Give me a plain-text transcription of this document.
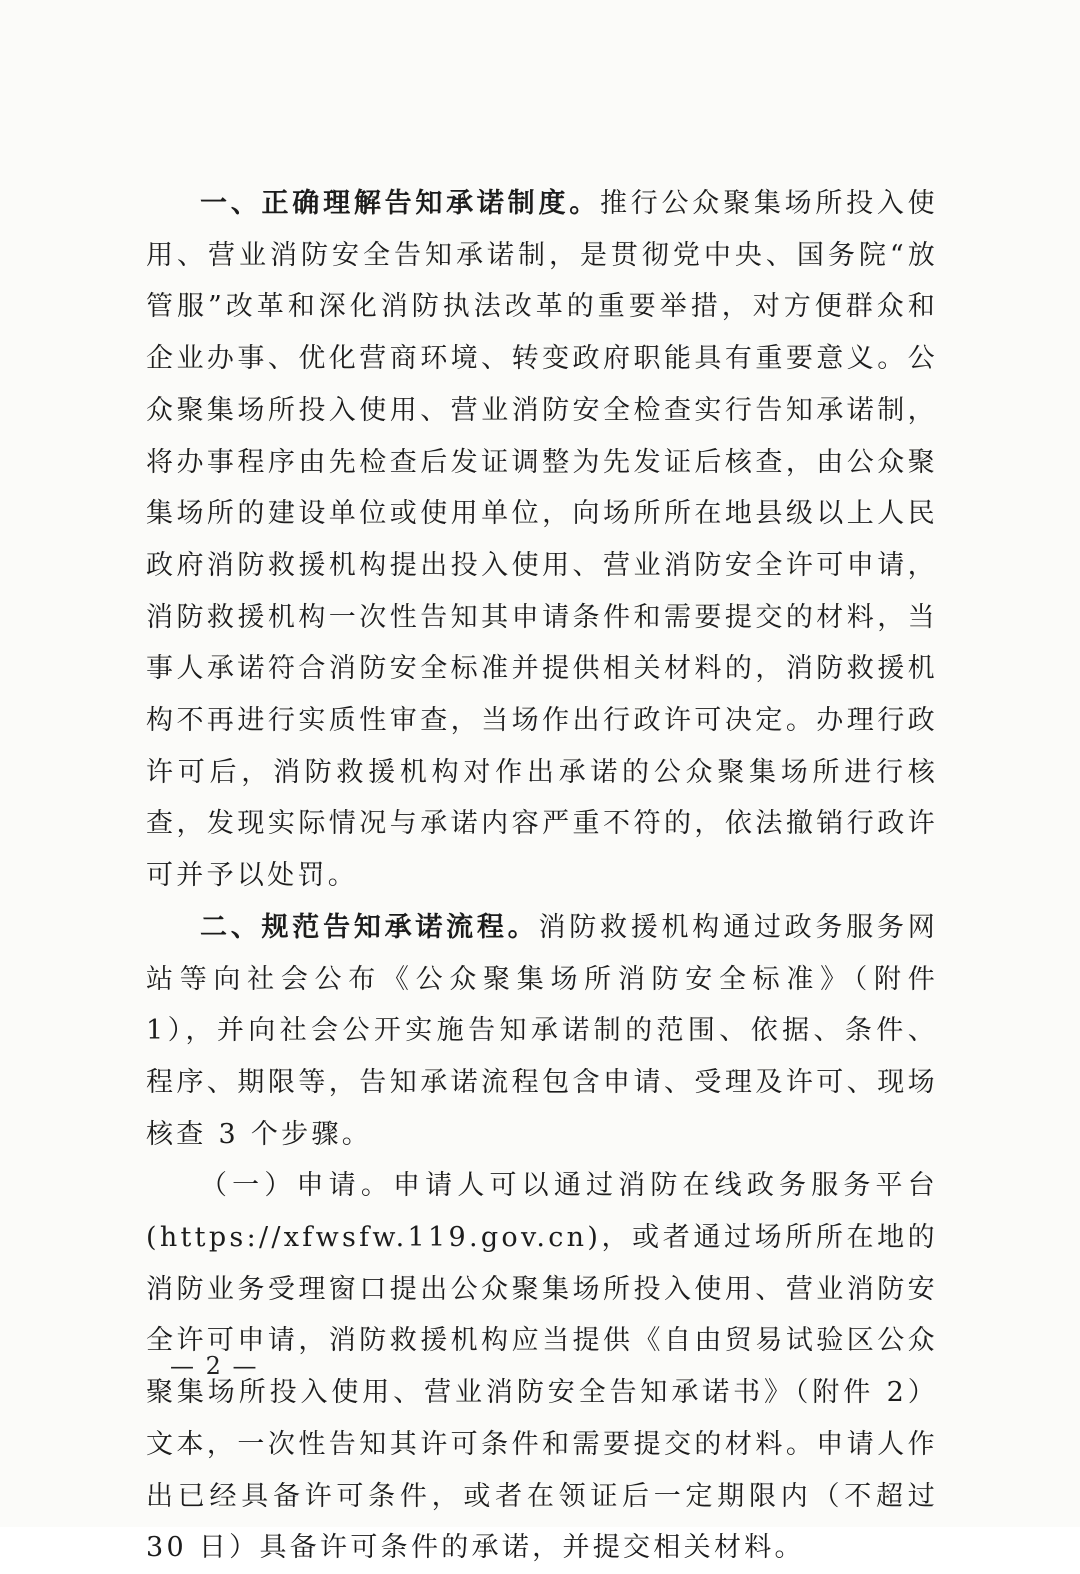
一、正确理解告知承诺制度。推行公众聚集场所投入使用、营业消防安全告知承诺制，是贯彻党中央、国务院“放管服”改革和深化消防执法改革的重要举措，对方便群众和企业办事、优化营商环境、转变政府职能具有重要意义。公众聚集场所投入使用、营业消防安全检查实行告知承诺制，将办事程序由先检查后发证调整为先发证后核查，由公众聚集场所的建设单位或使用单位，向场所所在地县级以上人民政府消防救援机构提出投入使用、营业消防安全许可申请，消防救援机构一次性告知其申请条件和需要提交的材料，当事人承诺符合消防安全标准并提供相关材料的，消防救援机构不再进行实质性审查，当场作出行政许可决定。办理行政许可后，消防救援机构对作出承诺的公众聚集场所进行核查，发现实际情况与承诺内容严重不符的，依法撤销行政许可并予以处罚。

二、规范告知承诺流程。消防救援机构通过政务服务网站等向社会公布《公众聚集场所消防安全标准》（附件 1），并向社会公开实施告知承诺制的范围、依据、条件、程序、期限等，告知承诺流程包含申请、受理及许可、现场核查 3 个步骤。

（一）申请。申请人可以通过消防在线政务服务平台(https://xfwsfw.119.gov.cn)，或者通过场所所在地的消防业务受理窗口提出公众聚集场所投入使用、营业消防安全许可申请，消防救援机构应当提供《自由贸易试验区公众聚集场所投入使用、营业消防安全告知承诺书》（附件 2）文本，一次性告知其许可条件和需要提交的材料。申请人作出已经具备许可条件，或者在领证后一定期限内（不超过 30 日）具备许可条件的承诺，并提交相关材料。

— 2 —
